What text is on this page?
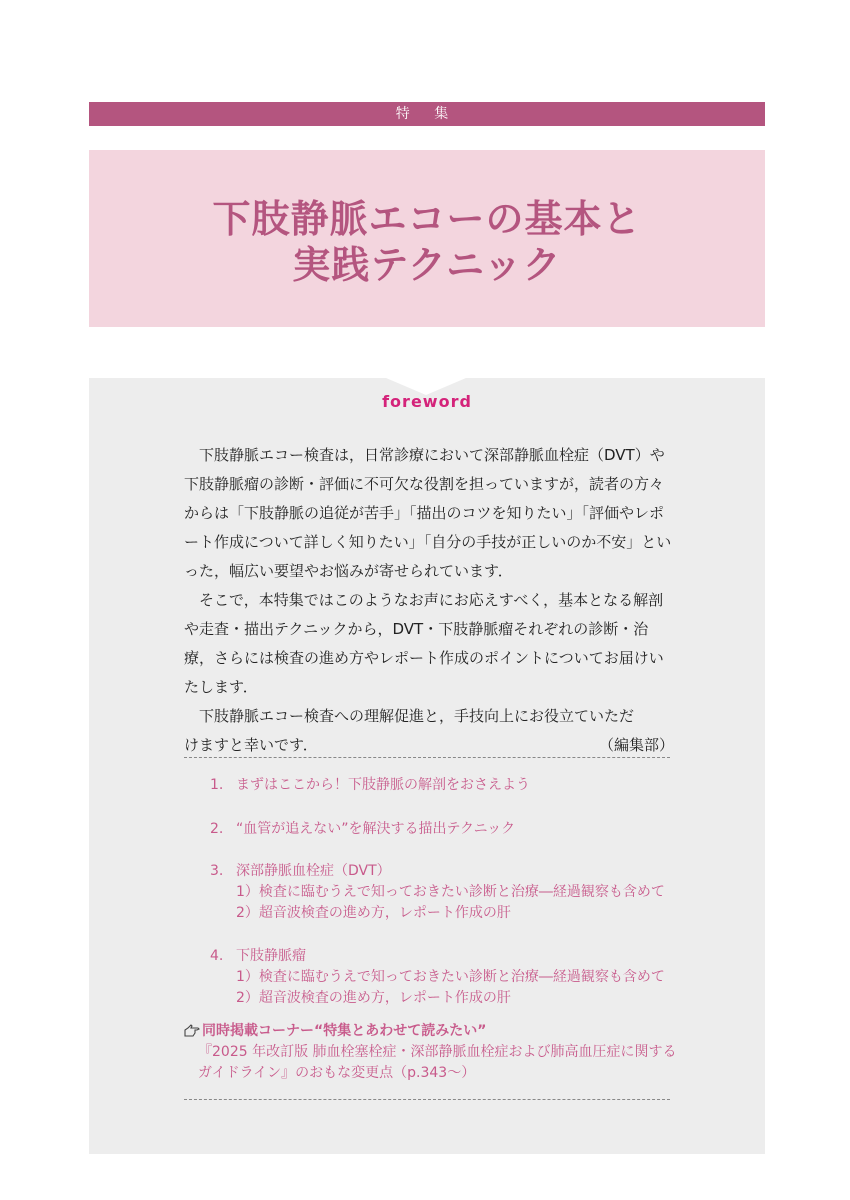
特 集
下肢静脈エコーの基本と
実践テクニック
foreword

下肢静脈エコー検査は，日常診療において深部静脈血栓症（DVT）や下肢静脈瘤の診断・評価に不可欠な役割を担っていますが，読者の方々からは「下肢静脈の追従が苦手」「描出のコツを知りたい」「評価やレポート作成について詳しく知りたい」「自分の手技が正しいのか不安」といった，幅広い要望やお悩みが寄せられています．

そこで，本特集ではこのようなお声にお応えすべく，基本となる解剖や走査・描出テクニックから，DVT・下肢静脈瘤それぞれの診断・治療，さらには検査の進め方やレポート作成のポイントについてお届けいたします．

下肢静脈エコー検査への理解促進と，手技向上にお役立ていただけますと幸いです．	（編集部）
1. まずはここから！下肢静脈の解剖をおさえよう
2. “血管が追えない”を解決する描出テクニック
3. 深部静脈血栓症（DVT）
1）検査に臨むうえで知っておきたい診断と治療―経過観察も含めて
2）超音波検査の進め方，レポート作成の肝
4. 下肢静脈瘤
1）検査に臨むうえで知っておきたい診断と治療―経過観察も含めて
2）超音波検査の進め方，レポート作成の肝
同時掲載コーナー“特集とあわせて読みたい”
『2025 年改訂版 肺血栓塞栓症・深部静脈血栓症および肺高血圧症に関する
ガイドライン』のおもな変更点（p.343〜）
